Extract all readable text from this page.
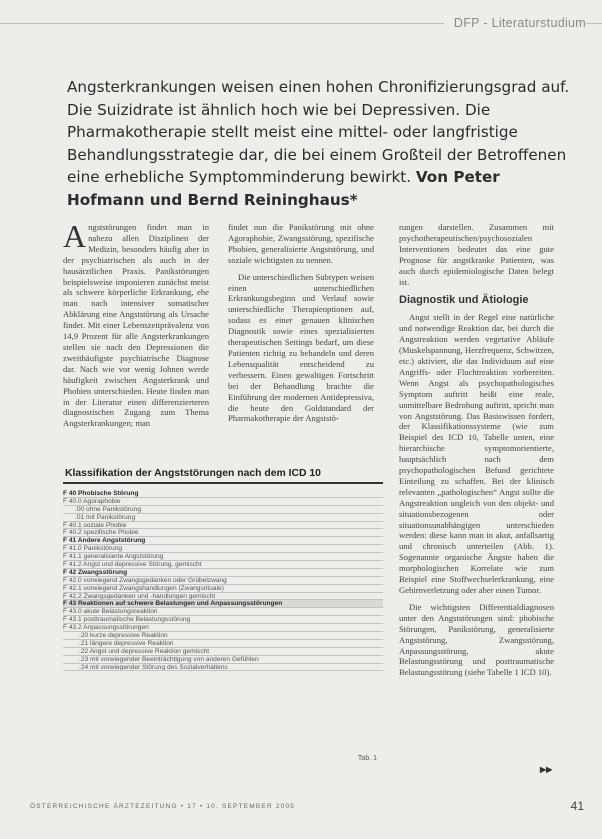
DFP - Literaturstudium
Angsterkrankungen weisen einen hohen Chronifizierungsgrad auf. Die Suizidrate ist ähnlich hoch wie bei Depressiven. Die Pharmakotherapie stellt meist eine mittel- oder langfristige Behandlungsstrategie dar, die bei einem Großteil der Betroffenen eine erhebliche Symptomminderung bewirkt. Von Peter Hofmann und Bernd Reininghaus*

Angststörungen findet man in nahezu allen Disziplinen der Medizin, besonders häufig aber in der psychiatrischen als auch in der hausärztlichen Praxis. Panikstörungen beispielsweise imponieren zunächst meist als schwere körperliche Erkrankung, ehe man nach intensiver somatischer Abklärung eine Angststörung als Ursache findet. Mit einer Lebenszeitprävalenz von 14,9 Prozent für alle Angsterkrankungen stellen sie nach den Depressionen die zweithäufigste psychiatrische Diagnose dar. Nach wie vor wenig Johnen werde häufigkeit zwischen Angsterkrank und Phobien unterschieden. Heute finden man in der Literatur einen differenzierteren diagnostischen Zugang zum Thema Angsterkrankungen; man

findet nun die Panikstörung mit ohne Agoraphobie, Zwangsstörung, spezifische Phobien, generalisierte Angststörung, und soziale wichtigsten zu nennen.

Die unterschiedlichen Subtypen weisen einen unterschiedlichen Erkrankungsbeginn und Verlauf sowie unterschiedliche Therapieoptionen auf, sodass es einer genauen klinischen Diagnostik sowie eines spezialisierten therapeutischen Settings bedarf, um diese Patienten richtig zu behandeln und deren Lebensqualität entscheidend zu verbessern. Einen gewaltigen Fortschritt bei der Behandlung brachte die Einführung der modernen Antidepressiva, die heute den Goldstandard der Pharmakotherapie der Angststö-

rungen darstellen. Zusammen mit psychotherapeutischen/psychosozialen Interventionen bedeutet das eine gute Prognose für angstkranke Patienten, was auch durch epidemiologische Daten belegt ist.

Diagnostik und Ätiologie

Angst stellt in der Regel eine natürliche und notwendige Reaktion dar, bei durch die Angstreaktion werden vegetative Abläufe (Muskelspannung, Herzfrequenz, Schwitzen, etc.) aktiviert, die das Individuum auf eine Angriffs- oder Fluchtreaktion vorbereiten. Wenn Angst als psychopathologisches Symptom auftritt heißt eine reale, unmittelbare Bedrohung auftritt, spricht man von Angststörung. Das Basiswissen fordert, der Klassifikationssysteme (wie zum Beispiel des ICD 10, Tabelle unten, eine hierarchische symptomorientierte, hauptsächlich nach dem psychopathologischen Befund gerichtete Einteilung zu schaffen. Bei der klinisch relevanten „pathologischen“ Angst sollte die Angstreaktion ungleich von den objekt- und situationsbezogenen oder situationsunabhängigen unterschieden werden: diese kann man in akut, anfallsartig und chronisch unterteilen (Abb. 1). Sogenannte organische Ängste haben die morphologischen Korrelate wie zum Beispiel eine Stoffwechselerkrankung, eine Gehirnverletzung oder aber einen Tumor.

Die wichtigsten Differentialdiagnosen unter den Angststörungen sind: phobische Störungen, Panikstörung, generalisierte Angststörung, Zwangsstörung, Anpassungsstörung, akute Belastungsstörung und posttraumatische Belastungsstörung (siehe Tabelle 1 ICD 10).

Klassifikation der Angststörungen nach dem ICD 10
F 40 Phobische Störung
F 40.0 Agoraphobie
.00 ohne Panikstörung
.01 mit Panikstörung
F 40.1 soziale Phobie
F 40.2 spezifische Phobie
F 41 Andere Angststörung
F 41.0 Panikstörung
F 41.1 generalisierte Angststörung
F 41.2 Angst und depressive Störung, gemischt
F 42 Zwangsstörung
F 42.0 vorwiegend Zwangsgedanken oder Grübelzwang
F 42.1 vorwiegend Zwangshandlungen (Zwangsrituale)
F 42.2 Zwangsgedanken und -handlungen gemischt
F 43 Reaktionen auf schwere Belastungen und Anpassungsstörungen
F 43.0 akute Belastungsreaktion
F 43.1 posttraumatische Belastungsstörung
F 43.2 Anpassungsstörungen
.20 kurze depressive Reaktion
.21 längere depressive Reaktion
.22 Angst und depressive Reaktion gemischt
.23 mit vorwiegender Beeinträchtigung von anderen Gefühlen
.24 mit vorwiegender Störung des Sozialverhaltens
Tab. 1
▶▶
ÖSTERREICHISCHE ÄRZTEZEITUNG • 17 • 10. SEPTEMBER 2005	41
